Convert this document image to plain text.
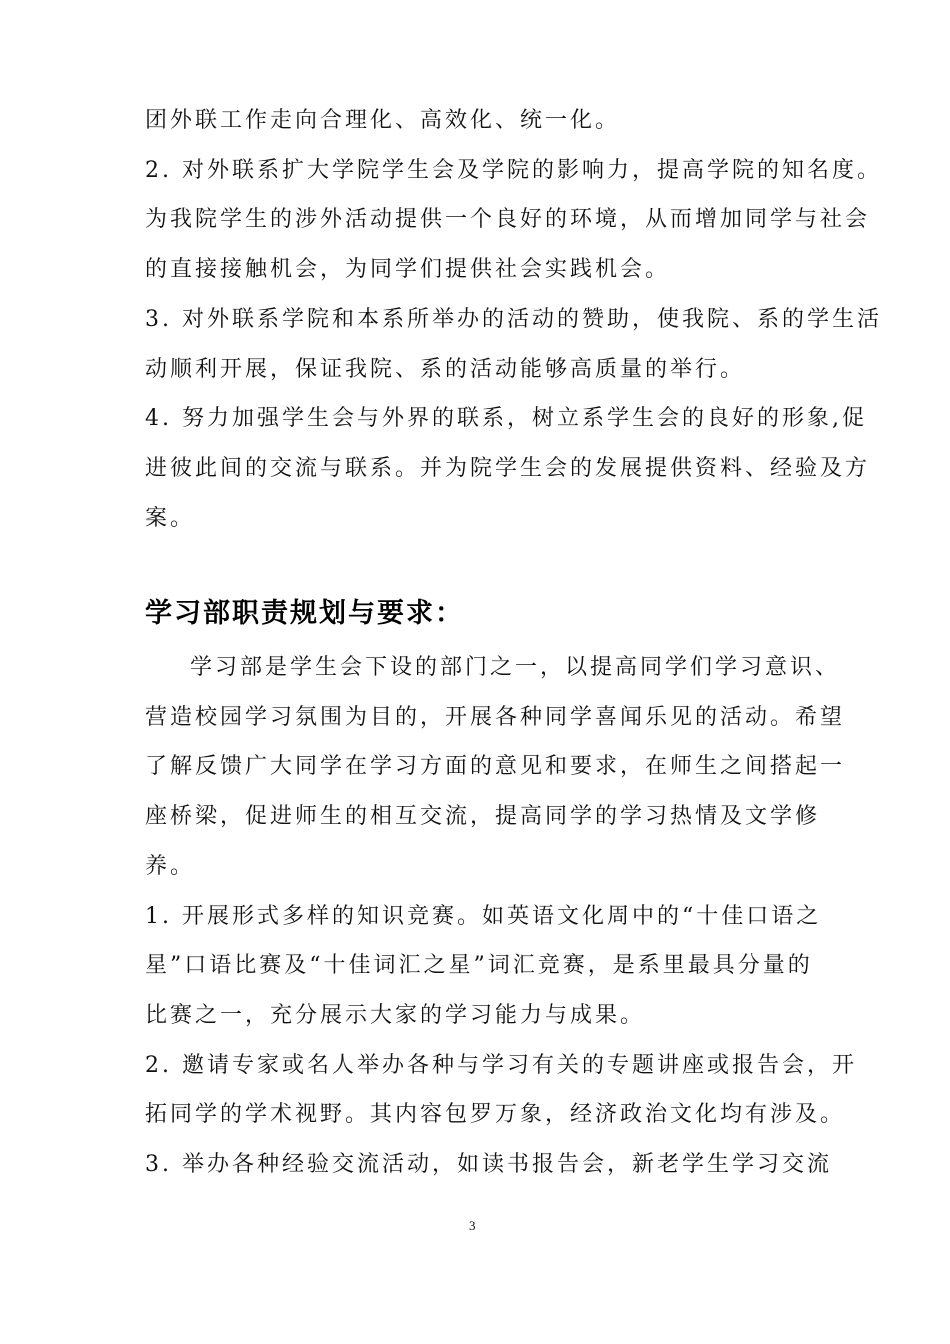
团外联工作走向合理化、高效化、统一化。
2. 对外联系扩大学院学生会及学院的影响力，提高学院的知名度。
为我院学生的涉外活动提供一个良好的环境，从而增加同学与社会
的直接接触机会，为同学们提供社会实践机会。
3. 对外联系学院和本系所举办的活动的赞助，使我院、系的学生活
动顺利开展，保证我院、系的活动能够高质量的举行。
4. 努力加强学生会与外界的联系，树立系学生会的良好的形象,促
进彼此间的交流与联系。并为院学生会的发展提供资料、经验及方
案。
学习部职责规划与要求：
学习部是学生会下设的部门之一，以提高同学们学习意识、
营造校园学习氛围为目的，开展各种同学喜闻乐见的活动。希望
了解反馈广大同学在学习方面的意见和要求，在师生之间搭起一
座桥梁，促进师生的相互交流，提高同学的学习热情及文学修
养。
1. 开展形式多样的知识竞赛。如英语文化周中的“十佳口语之
星”口语比赛及“十佳词汇之星”词汇竞赛，是系里最具分量的
比赛之一，充分展示大家的学习能力与成果。
2. 邀请专家或名人举办各种与学习有关的专题讲座或报告会，开
拓同学的学术视野。其内容包罗万象，经济政治文化均有涉及。
3. 举办各种经验交流活动，如读书报告会，新老学生学习交流
3
